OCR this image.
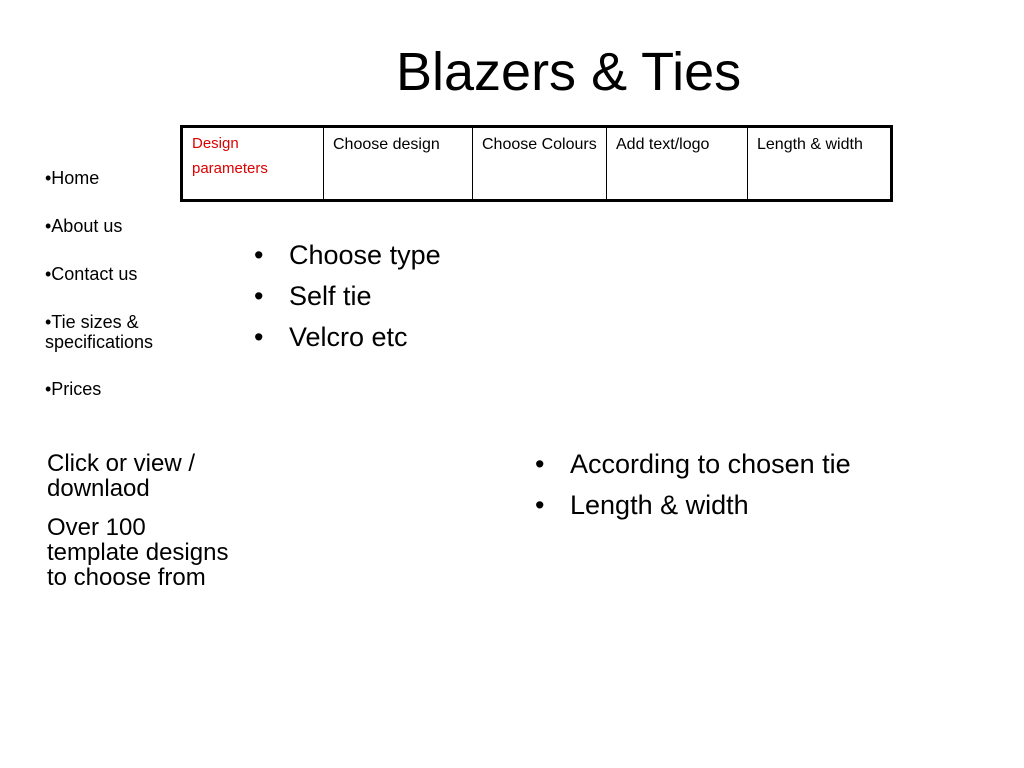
Blazers & Ties
Design parameters	Choose design	Choose Colours	Add text/logo	Length & width
•Home
•About us
•Contact us
•Tie sizes & specifications
•Prices
Click or view / downlaod
Over 100 template designs to choose from
• Choose type
• Self tie
• Velcro etc
• According to chosen tie
• Length & width
